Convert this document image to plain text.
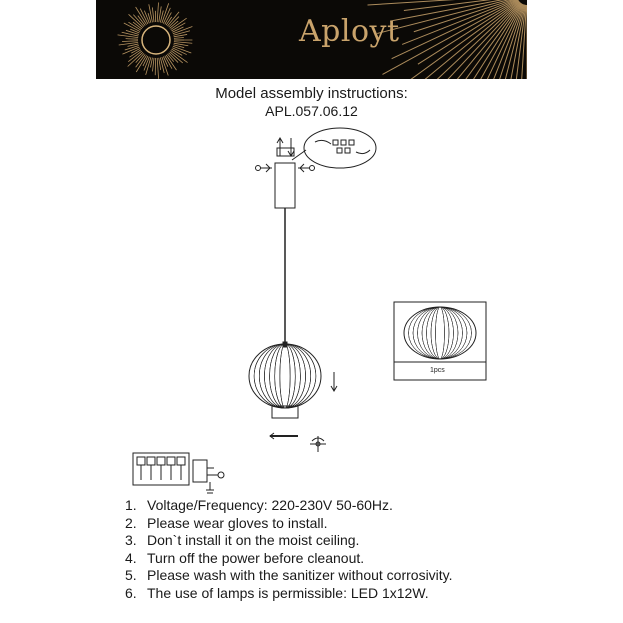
Aployt
Model assembly instructions:
APL.057.06.12
1pcs
1. Voltage/Frequency: 220-230V 50-60Hz.
2. Please wear gloves to install.
3. Don`t install it on the moist ceiling.
4. Turn off the power before cleanout.
5. Please wash with the sanitizer without corrosivity.
6. The use of lamps is permissible: LED 1x12W.
